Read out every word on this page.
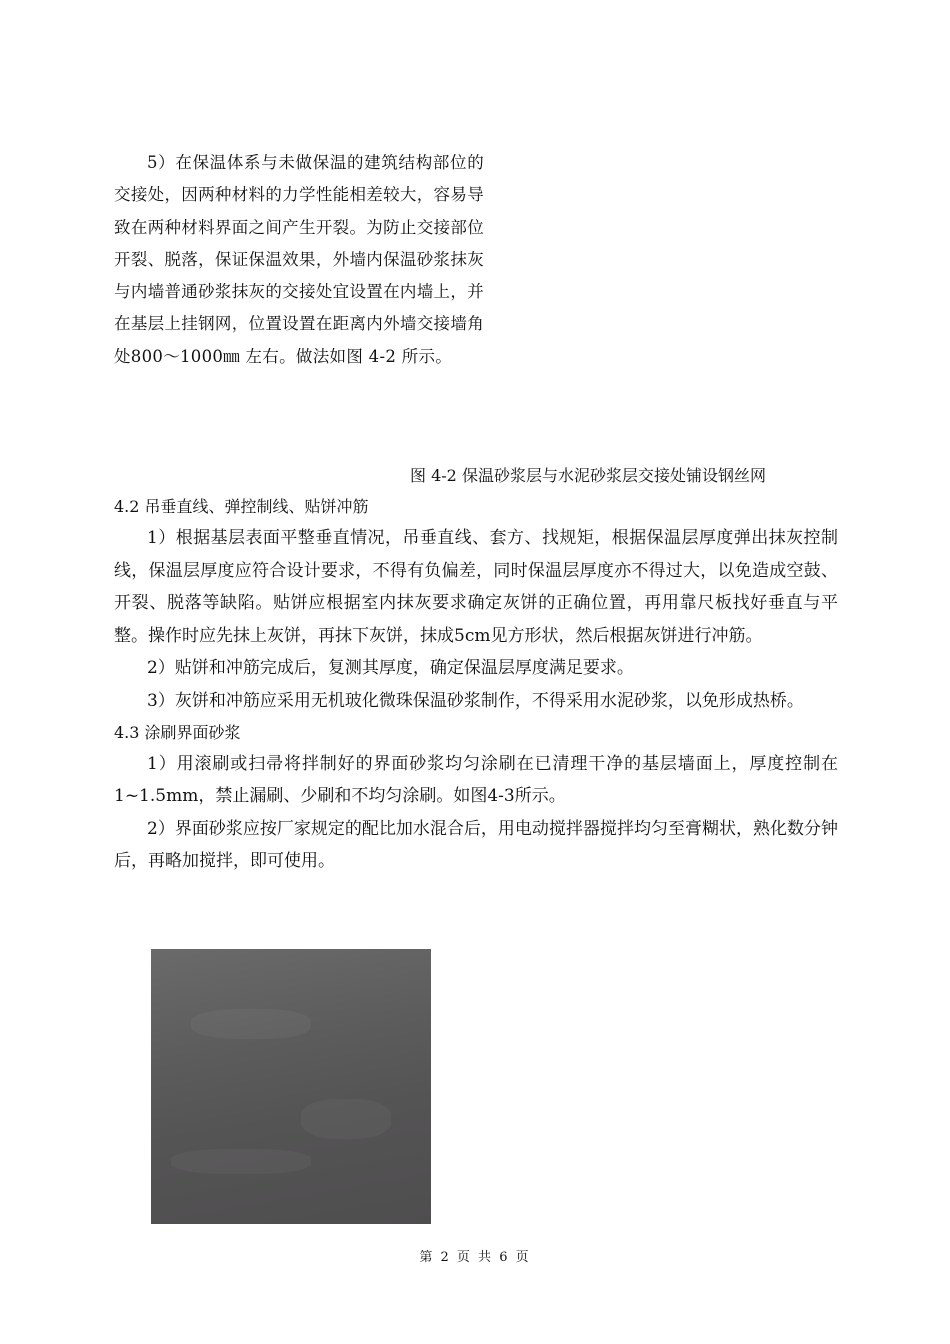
5）在保温体系与未做保温的建筑结构部位的交接处，因两种材料的力学性能相差较大，容易导致在两种材料界面之间产生开裂。为防止交接部位开裂、脱落，保证保温效果，外墙内保温砂浆抹灰与内墙普通砂浆抹灰的交接处宜设置在内墙上，并在基层上挂钢网，位置设置在距离内外墙交接墙角处800～1000㎜ 左右。做法如图 4-2 所示。

图 4-2 保温砂浆层与水泥砂浆层交接处铺设钢丝网
4.2 吊垂直线、弹控制线、贴饼冲筋

1）根据基层表面平整垂直情况，吊垂直线、套方、找规矩，根据保温层厚度弹出抹灰控制线，保温层厚度应符合设计要求，不得有负偏差，同时保温层厚度亦不得过大，以免造成空鼓、开裂、脱落等缺陷。贴饼应根据室内抹灰要求确定灰饼的正确位置，再用靠尺板找好垂直与平整。操作时应先抹上灰饼，再抹下灰饼，抹成5cm见方形状，然后根据灰饼进行冲筋。

2）贴饼和冲筋完成后，复测其厚度，确定保温层厚度满足要求。

3）灰饼和冲筋应采用无机玻化微珠保温砂浆制作，不得采用水泥砂浆，以免形成热桥。

4.3 涂刷界面砂浆

1）用滚刷或扫帚将拌制好的界面砂浆均匀涂刷在已清理干净的基层墙面上，厚度控制在1~1.5mm，禁止漏刷、少刷和不均匀涂刷。如图4-3所示。

2）界面砂浆应按厂家规定的配比加水混合后，用电动搅拌器搅拌均匀至膏糊状，熟化数分钟后，再略加搅拌，即可使用。

第 2 页 共 6 页
